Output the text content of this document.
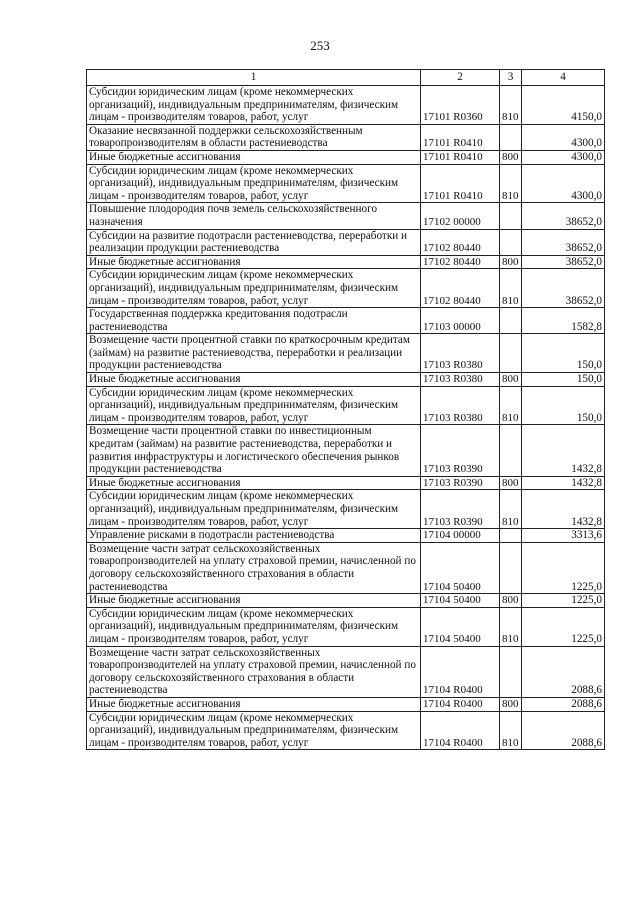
253
1	2	3	4
Субсидии юридическим лицам (кроме некоммерческих организаций), индивидуальным предпринимателям, физическим лицам - производителям товаров, работ, услуг	17101 R0360	810	4150,0
Оказание несвязанной поддержки сельскохозяйственным товаропроизводителям в области растениеводства	17101 R0410		4300,0
Иные бюджетные ассигнования	17101 R0410	800	4300,0
Субсидии юридическим лицам (кроме некоммерческих организаций), индивидуальным предпринимателям, физическим лицам - производителям товаров, работ, услуг	17101 R0410	810	4300,0
Повышение плодородия почв земель сельскохозяйственного назначения	17102 00000		38652,0
Субсидии на развитие подотрасли растениеводства, переработки и реализации продукции растениеводства	17102 80440		38652,0
Иные бюджетные ассигнования	17102 80440	800	38652,0
Субсидии юридическим лицам (кроме некоммерческих организаций), индивидуальным предпринимателям, физическим лицам - производителям товаров, работ, услуг	17102 80440	810	38652,0
Государственная поддержка кредитования подотрасли растениеводства	17103 00000		1582,8
Возмещение части процентной ставки по краткосрочным кредитам (займам) на развитие растениеводства, переработки и реализации продукции растениеводства	17103 R0380		150,0
Иные бюджетные ассигнования	17103 R0380	800	150,0
Субсидии юридическим лицам (кроме некоммерческих организаций), индивидуальным предпринимателям, физическим лицам - производителям товаров, работ, услуг	17103 R0380	810	150,0
Возмещение части процентной ставки по инвестиционным кредитам (займам) на развитие растениеводства, переработки и развития инфраструктуры и логистического обеспечения рынков продукции растениеводства	17103 R0390		1432,8
Иные бюджетные ассигнования	17103 R0390	800	1432,8
Субсидии юридическим лицам (кроме некоммерческих организаций), индивидуальным предпринимателям, физическим лицам - производителям товаров, работ, услуг	17103 R0390	810	1432,8
Управление рисками в подотрасли растениеводства	17104 00000		3313,6
Возмещение части затрат сельскохозяйственных товаропроизводителей на уплату страховой премии, начисленной по договору сельскохозяйственного страхования в области растениеводства	17104 50400		1225,0
Иные бюджетные ассигнования	17104 50400	800	1225,0
Субсидии юридическим лицам (кроме некоммерческих организаций), индивидуальным предпринимателям, физическим лицам - производителям товаров, работ, услуг	17104 50400	810	1225,0
Возмещение части затрат сельскохозяйственных товаропроизводителей на уплату страховой премии, начисленной по договору сельскохозяйственного страхования в области растениеводства	17104 R0400		2088,6
Иные бюджетные ассигнования	17104 R0400	800	2088,6
Субсидии юридическим лицам (кроме некоммерческих организаций), индивидуальным предпринимателям, физическим лицам - производителям товаров, работ, услуг	17104 R0400	810	2088,6
